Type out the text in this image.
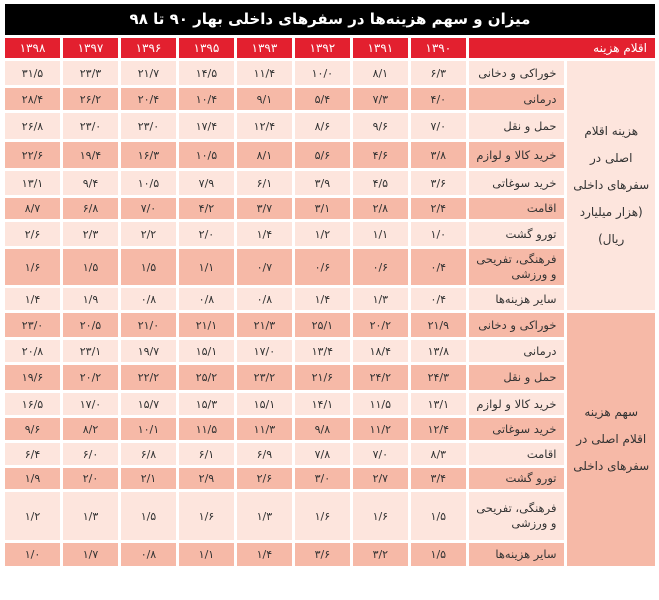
میزان و سهم هزینه‌ها در سفرهای داخلی بهار ۹۰ تا ۹۸
اقلام هزینه		۱۳۹۰	۱۳۹۱	۱۳۹۲	۱۳۹۳	۱۳۹۵	۱۳۹۶	۱۳۹۷	۱۳۹۸
هزینه اقلام اصلی در سفرهای داخلی (هزار میلیارد ریال)	خوراکی و دخانی	۶/۳	۸/۱	۱۰/۰	۱۱/۴	۱۴/۵	۲۱/۷	۲۳/۳	۳۱/۵
	درمانی	۴/۰	۷/۳	۵/۴	۹/۱	۱۰/۴	۲۰/۴	۲۶/۲	۲۸/۴
	حمل و نقل	۷/۰	۹/۶	۸/۶	۱۲/۴	۱۷/۴	۲۳/۰	۲۳/۰	۲۶/۸
	خرید کالا و لوازم	۳/۸	۴/۶	۵/۶	۸/۱	۱۰/۵	۱۶/۳	۱۹/۴	۲۲/۶
	خرید سوغاتی	۳/۶	۴/۵	۳/۹	۶/۱	۷/۹	۱۰/۵	۹/۴	۱۳/۱
	اقامت	۲/۴	۲/۸	۳/۱	۳/۷	۴/۲	۷/۰	۶/۸	۸/۷
	تورو گشت	۱/۰	۱/۱	۱/۲	۱/۴	۲/۰	۲/۲	۲/۳	۲/۶
	فرهنگی، تفریحی و ورزشی	۰/۴	۰/۶	۰/۶	۰/۷	۱/۱	۱/۵	۱/۵	۱/۶
	سایر هزینه‌ها	۰/۴	۱/۳	۱/۴	۰/۸	۰/۸	۰/۸	۱/۹	۱/۴
سهم هزینه اقلام اصلی در سفرهای داخلی	خوراکی و دخانی	۲۱/۹	۲۰/۲	۲۵/۱	۲۱/۳	۲۱/۱	۲۱/۰	۲۰/۵	۲۳/۰
	درمانی	۱۳/۸	۱۸/۴	۱۳/۴	۱۷/۰	۱۵/۱	۱۹/۷	۲۳/۱	۲۰/۸
	حمل و نقل	۲۴/۳	۲۴/۲	۲۱/۶	۲۳/۲	۲۵/۲	۲۲/۲	۲۰/۲	۱۹/۶
	خرید کالا و لوازم	۱۳/۱	۱۱/۵	۱۴/۱	۱۵/۱	۱۵/۳	۱۵/۷	۱۷/۰	۱۶/۵
	خرید سوغاتی	۱۲/۴	۱۱/۲	۹/۸	۱۱/۳	۱۱/۵	۱۰/۱	۸/۲	۹/۶
	اقامت	۸/۳	۷/۰	۷/۸	۶/۹	۶/۱	۶/۸	۶/۰	۶/۴
	تورو گشت	۳/۴	۲/۷	۳/۰	۲/۶	۲/۹	۲/۱	۲/۰	۱/۹
	فرهنگی، تفریحی و ورزشی	۱/۵	۱/۶	۱/۶	۱/۳	۱/۶	۱/۵	۱/۳	۱/۲
	سایر هزینه‌ها	۱/۵	۳/۲	۳/۶	۱/۴	۱/۱	۰/۸	۱/۷	۱/۰
